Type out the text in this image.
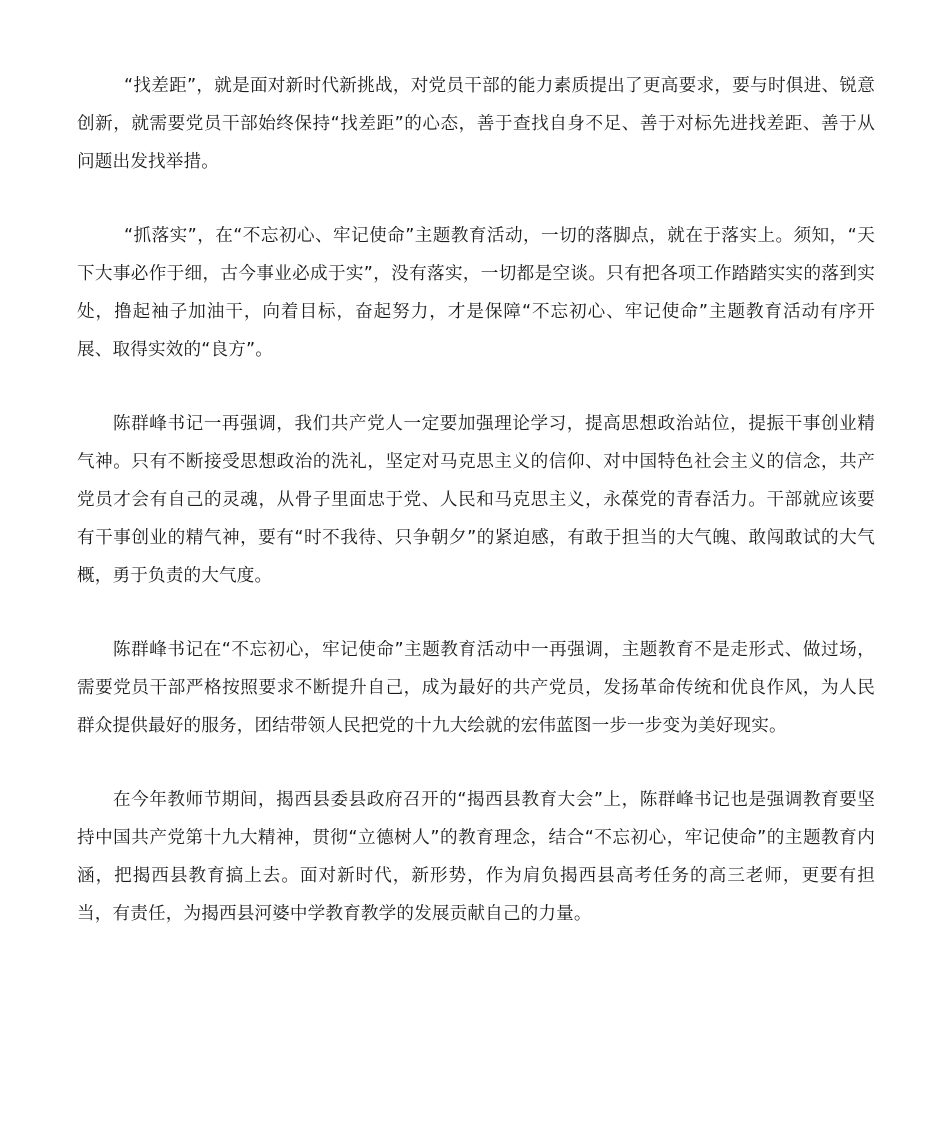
“找差距”，就是面对新时代新挑战，对党员干部的能力素质提出了更高要求，要与时俱进、锐意创新，就需要党员干部始终保持“找差距”的心态，善于查找自身不足、善于对标先进找差距、善于从问题出发找举措。

“抓落实”，在“不忘初心、牢记使命”主题教育活动，一切的落脚点，就在于落实上。须知，“天下大事必作于细，古今事业必成于实”，没有落实，一切都是空谈。只有把各项工作踏踏实实的落到实处，撸起袖子加油干，向着目标，奋起努力，才是保障“不忘初心、牢记使命”主题教育活动有序开展、取得实效的“良方”。

陈群峰书记一再强调，我们共产党人一定要加强理论学习，提高思想政治站位，提振干事创业精气神。只有不断接受思想政治的洗礼，坚定对马克思主义的信仰、对中国特色社会主义的信念，共产党员才会有自己的灵魂，从骨子里面忠于党、人民和马克思主义，永葆党的青春活力。干部就应该要有干事创业的精气神，要有“时不我待、只争朝夕”的紧迫感，有敢于担当的大气魄、敢闯敢试的大气概，勇于负责的大气度。

陈群峰书记在“不忘初心，牢记使命”主题教育活动中一再强调，主题教育不是走形式、做过场，需要党员干部严格按照要求不断提升自己，成为最好的共产党员，发扬革命传统和优良作风，为人民群众提供最好的服务，团结带领人民把党的十九大绘就的宏伟蓝图一步一步变为美好现实。

在今年教师节期间，揭西县委县政府召开的“揭西县教育大会”上，陈群峰书记也是强调教育要坚持中国共产党第十九大精神，贯彻“立德树人”的教育理念，结合“不忘初心，牢记使命”的主题教育内涵，把揭西县教育搞上去。面对新时代，新形势，作为肩负揭西县高考任务的高三老师，更要有担当，有责任，为揭西县河婆中学教育教学的发展贡献自己的力量。
